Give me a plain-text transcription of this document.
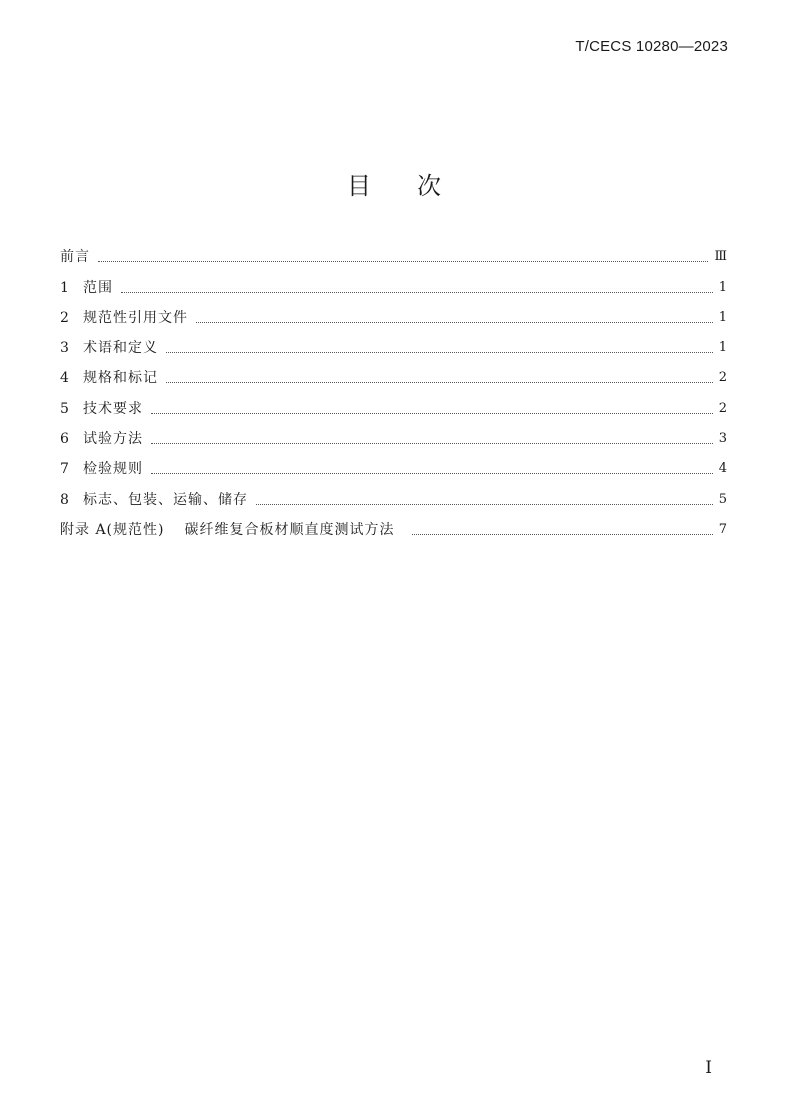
T/CECS 10280—2023
目 次
前言	Ⅲ
1	范围	1
2	规范性引用文件	1
3	术语和定义	1
4	规格和标记	2
5	技术要求	2
6	试验方法	3
7	检验规则	4
8	标志、包装、运输、储存	5
附录 A(规范性) 碳纤维复合板材顺直度测试方法	7
I
